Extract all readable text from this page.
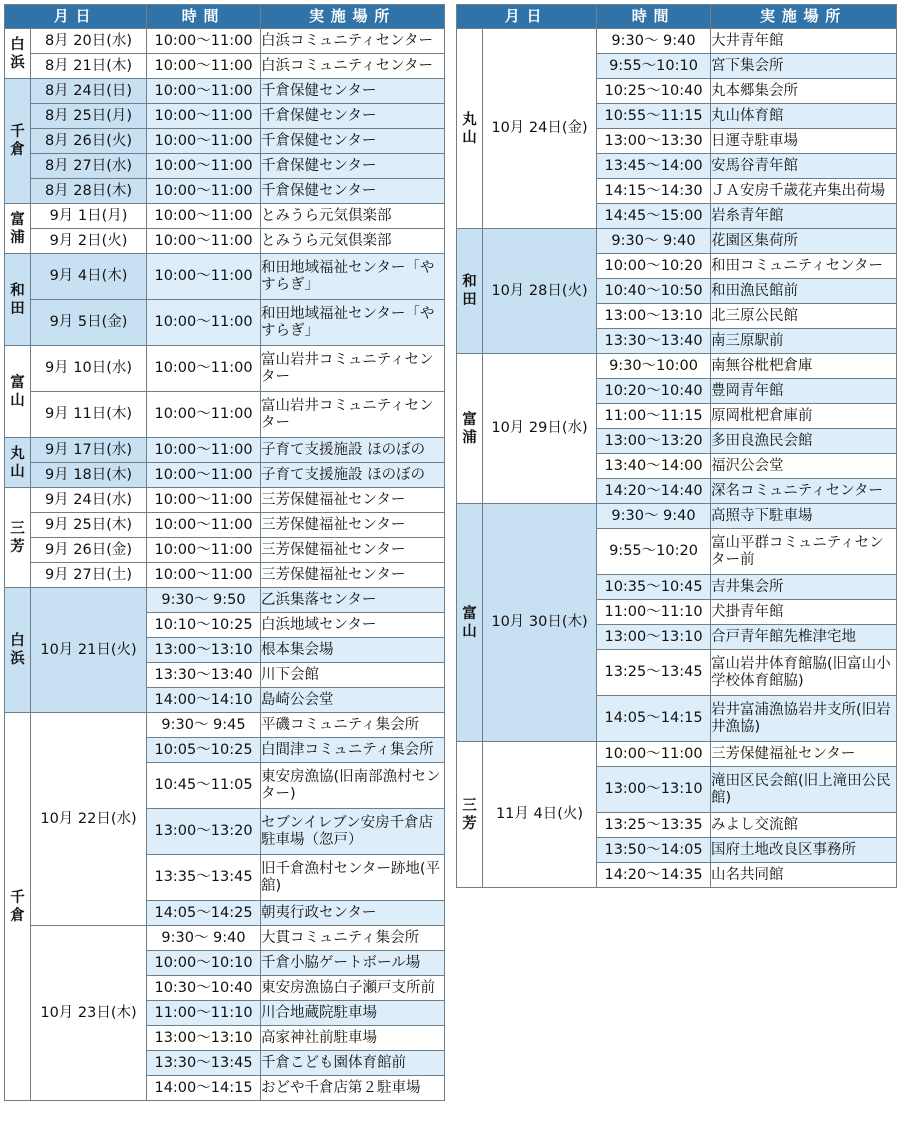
月日		時間	実施場所

白浜	8月 20日(水)	10:00～11:00	白浜コミュニティセンター
	8月 21日(木)	10:00～11:00	白浜コミュニティセンター

千倉	8月 24日(日)	10:00～11:00	千倉保健センター
	8月 25日(月)	10:00～11:00	千倉保健センター
	8月 26日(火)	10:00～11:00	千倉保健センター
	8月 27日(水)	10:00～11:00	千倉保健センター
	8月 28日(木)	10:00～11:00	千倉保健センター

富浦	9月 1日(月)	10:00～11:00	とみうら元気倶楽部
	9月 2日(火)	10:00～11:00	とみうら元気倶楽部

和田	9月 4日(木)	10:00～11:00	和田地域福祉センター「やすらぎ」

	9月 5日(金)	10:00～11:00	和田地域福祉センター「やすらぎ」

富山	9月 10日(水)	10:00～11:00	富山岩井コミュニティセンター

	9月 11日(木)	10:00～11:00	富山岩井コミュニティセンター

丸山	9月 17日(水)	10:00～11:00	子育て支援施設 ほのぼの
	9月 18日(木)	10:00～11:00	子育て支援施設 ほのぼの

三芳	9月 24日(水)	10:00～11:00	三芳保健福祉センター
	9月 25日(木)	10:00～11:00	三芳保健福祉センター
	9月 26日(金)	10:00～11:00	三芳保健福祉センター
	9月 27日(土)	10:00～11:00	三芳保健福祉センター

白浜	10月 21日(火)	9:30～ 9:50	乙浜集落センター
		10:10～10:25	白浜地域センター
		13:00～13:10	根本集会場
		13:30～13:40	川下会館
		14:00～14:10	島崎公会堂

千倉	10月 22日(水)	9:30～ 9:45	平磯コミュニティ集会所
		10:05～10:25	白間津コミュニティ集会所
		10:45～11:05	東安房漁協(旧南部漁村センター)

		13:00～13:20	セブンイレブン安房千倉店駐車場（忽戸）

		13:35～13:45	旧千倉漁村センター跡地(平舘)

		14:05～14:25	朝夷行政センター
	10月 23日(木)	9:30～ 9:40	大貫コミュニティ集会所
		10:00～10:10	千倉小脇ゲートボール場
		10:30～10:40	東安房漁協白子瀬戸支所前
		11:00～11:10	川合地蔵院駐車場
		13:00～13:10	高家神社前駐車場
		13:30～13:45	千倉こども園体育館前
		14:00～14:15	おどや千倉店第２駐車場
月日		時間	実施場所

丸山	10月 24日(金)	9:30～ 9:40	大井青年館
		9:55～10:10	宮下集会所
		10:25～10:40	丸本郷集会所
		10:55～11:15	丸山体育館
		13:00～13:30	日運寺駐車場
		13:45～14:00	安馬谷青年館
		14:15～14:30	ＪＡ安房千歳花卉集出荷場
		14:45～15:00	岩糸青年館

和田	10月 28日(火)	9:30～ 9:40	花園区集荷所
		10:00～10:20	和田コミュニティセンター
		10:40～10:50	和田漁民館前
		13:00～13:10	北三原公民館
		13:30～13:40	南三原駅前

富浦	10月 29日(水)	9:30～10:00	南無谷枇杷倉庫
		10:20～10:40	豊岡青年館
		11:00～11:15	原岡枇杷倉庫前
		13:00～13:20	多田良漁民会館
		13:40～14:00	福沢公会堂
		14:20～14:40	深名コミュニティセンター

富山	10月 30日(木)	9:30～ 9:40	高照寺下駐車場
		9:55～10:20	富山平群コミュニティセンター前

		10:35～10:45	吉井集会所
		11:00～11:10	犬掛青年館
		13:00～13:10	合戸青年館先椎津宅地
		13:25～13:45	富山岩井体育館脇(旧富山小学校体育館脇)

		14:05～14:15	岩井富浦漁協岩井支所(旧岩井漁協)

三芳	11月 4日(火)	10:00～11:00	三芳保健福祉センター
		13:00～13:10	滝田区民会館(旧上滝田公民館)

		13:25～13:35	みよし交流館
		13:50～14:05	国府土地改良区事務所
		14:20～14:35	山名共同館
